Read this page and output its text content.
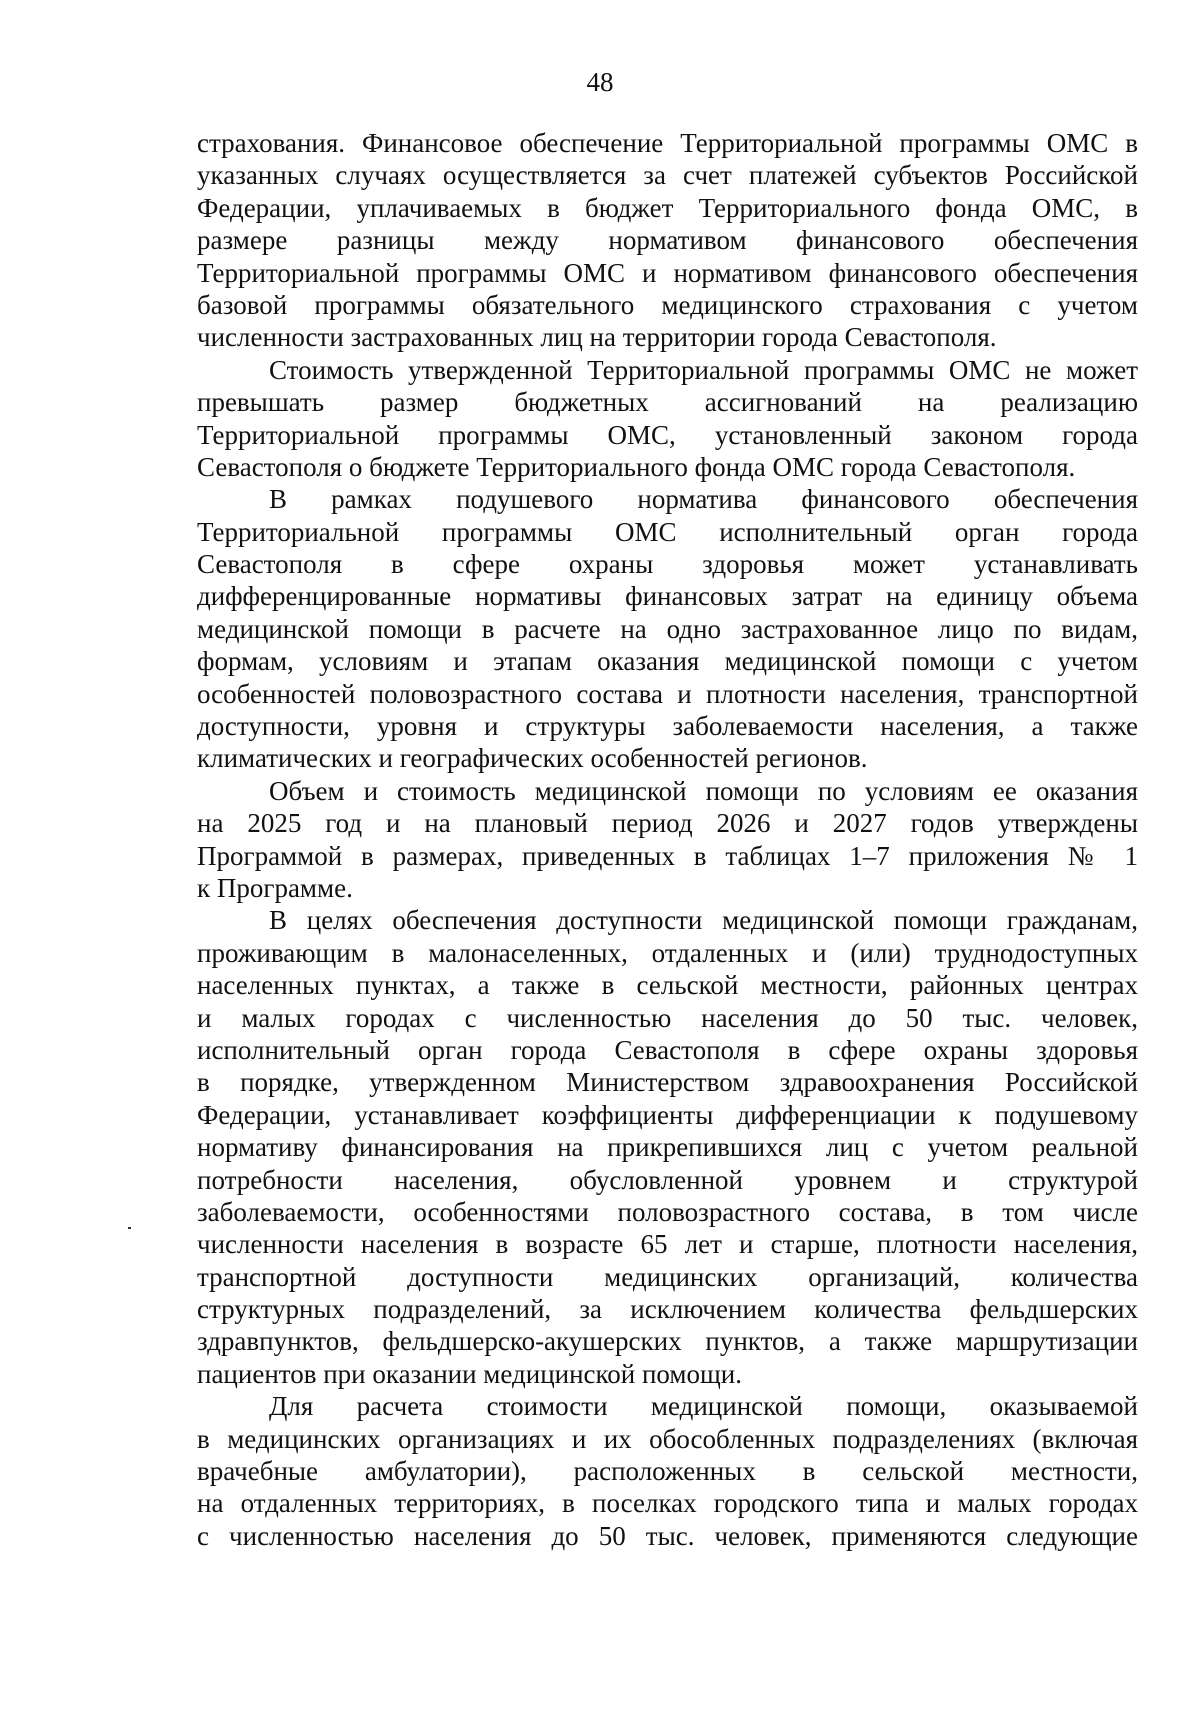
48
страхования. Финансовое обеспечение Территориальной программы ОМС в
указанных случаях осуществляется за счет платежей субъектов Российской
Федерации, уплачиваемых в бюджет Территориального фонда ОМС, в
размере разницы между нормативом финансового обеспечения
Территориальной программы ОМС и нормативом финансового обеспечения
базовой программы обязательного медицинского страхования с учетом
численности застрахованных лиц на территории города Севастополя.
Стоимость утвержденной Территориальной программы ОМС не может
превышать размер бюджетных ассигнований на реализацию
Территориальной программы ОМС, установленный законом города
Севастополя о бюджете Территориального фонда ОМС города Севастополя.
В рамках подушевого норматива финансового обеспечения
Территориальной программы ОМС исполнительный орган города
Севастополя в сфере охраны здоровья может устанавливать
дифференцированные нормативы финансовых затрат на единицу объема
медицинской помощи в расчете на одно застрахованное лицо по видам,
формам, условиям и этапам оказания медицинской помощи с учетом
особенностей половозрастного состава и плотности населения, транспортной
доступности, уровня и структуры заболеваемости населения, а также
климатических и географических особенностей регионов.
Объем и стоимость медицинской помощи по условиям ее оказания
на 2025 год и на плановый период 2026 и 2027 годов утверждены
Программой в размерах, приведенных в таблицах 1–7 приложения № 1
к Программе.
В целях обеспечения доступности медицинской помощи гражданам,
проживающим в малонаселенных, отдаленных и (или) труднодоступных
населенных пунктах, а также в сельской местности, районных центрах
и малых городах с численностью населения до 50 тыс. человек,
исполнительный орган города Севастополя в сфере охраны здоровья
в порядке, утвержденном Министерством здравоохранения Российской
Федерации, устанавливает коэффициенты дифференциации к подушевому
нормативу финансирования на прикрепившихся лиц с учетом реальной
потребности населения, обусловленной уровнем и структурой
заболеваемости, особенностями половозрастного состава, в том числе
численности населения в возрасте 65 лет и старше, плотности населения,
транспортной доступности медицинских организаций, количества
структурных подразделений, за исключением количества фельдшерских
здравпунктов, фельдшерско-акушерских пунктов, а также маршрутизации
пациентов при оказании медицинской помощи.
Для расчета стоимости медицинской помощи, оказываемой
в медицинских организациях и их обособленных подразделениях (включая
врачебные амбулатории), расположенных в сельской местности,
на отдаленных территориях, в поселках городского типа и малых городах
с численностью населения до 50 тыс. человек, применяются следующие
